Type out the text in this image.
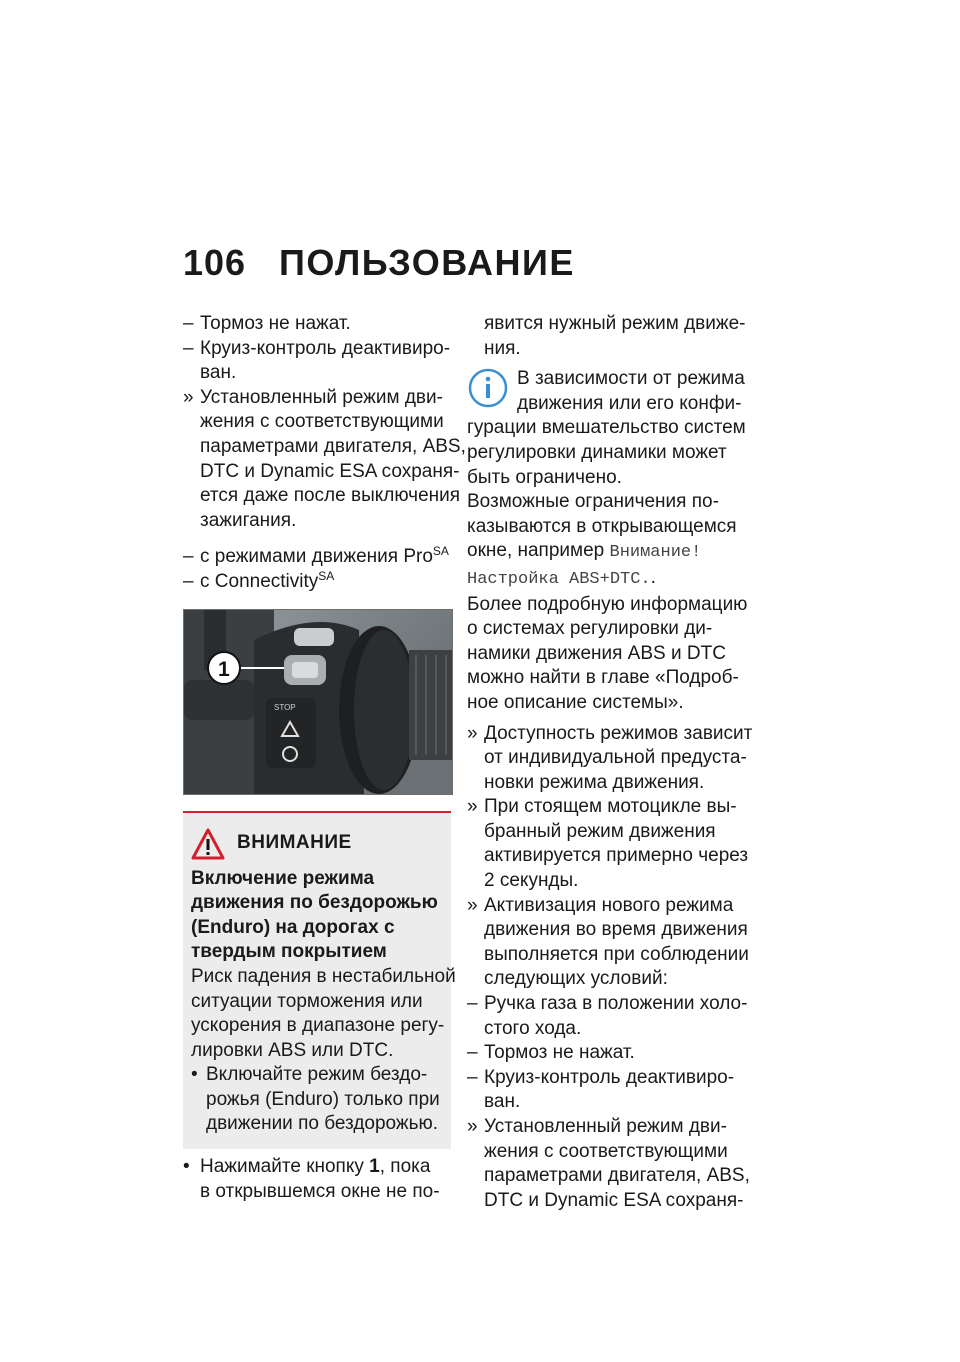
106 ПОЛЬЗОВАНИЕ
– Тормоз не нажат.
– Круиз-контроль деактивиро-
ван.
» Установленный режим дви-
жения с соответствующими
параметрами двигателя, ABS,
DTC и Dynamic ESA сохраня-
ется даже после выключения
зажигания.
– с режимами движения Pro$^{SA}$
– с Connectivity$^{SA}$
STOP
1
ВНИМАНИЕ
Включение режима
движения по бездорожью
(Enduro) на дорогах с
твердым покрытием
Риск падения в нестабильной
ситуации торможения или
ускорения в диапазоне регу-
лировки ABS или DTC.
• Включайте режим бездо-
рожья (Enduro) только при
движении по бездорожью.
• Нажимайте кнопку 1, пока
в открывшемся окне не по-
явится нужный режим движе-
ния.
В зависимости от режима
движения или его конфи-
гурации вмешательство систем
регулировки динамики может
быть ограничено.
Возможные ограничения по-
казываются в открывающемся
окне, например Внимание!
Настройка ABS+DTC..
Более подробную информацию
о системах регулировки ди-
намики движения ABS и DTC
можно найти в главе «Подроб-
ное описание системы».
» Доступность режимов зависит
от индивидуальной предуста-
новки режима движения.
» При стоящем мотоцикле вы-
бранный режим движения
активируется примерно через
2 секунды.
» Активизация нового режима
движения во время движения
выполняется при соблюдении
следующих условий:
– Ручка газа в положении холо-
стого хода.
– Тормоз не нажат.
– Круиз-контроль деактивиро-
ван.
» Установленный режим дви-
жения с соответствующими
параметрами двигателя, ABS,
DTC и Dynamic ESA сохраня-
